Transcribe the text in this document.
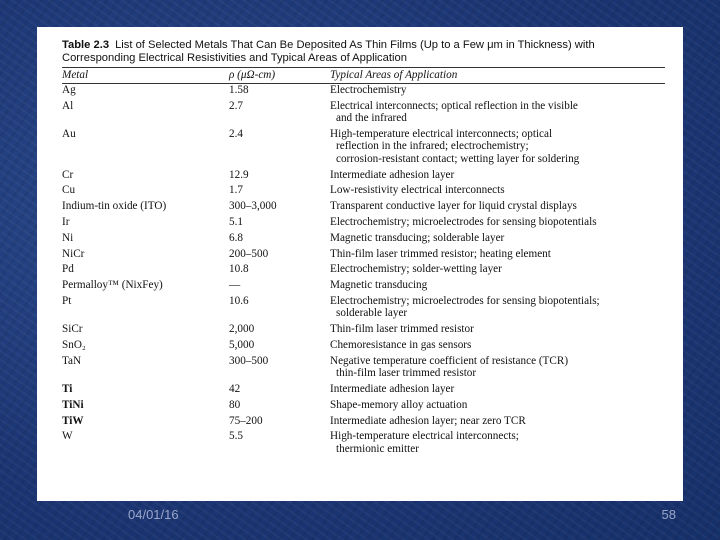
Table 2.3 List of Selected Metals That Can Be Deposited As Thin Films (Up to a Few μm in Thickness) with
Corresponding Electrical Resistivities and Typical Areas of Application
Metal	ρ (μΩ-cm)	Typical Areas of Application
Ag	1.58	Electrochemistry

Al	2.7	Electrical interconnects; optical reflection in the visible
and the infrared

Au	2.4	High-temperature electrical interconnects; optical
reflection in the infrared; electrochemistry;
corrosion-resistant contact; wetting layer for soldering

Cr	12.9	Intermediate adhesion layer

Cu	1.7	Low-resistivity electrical interconnects

Indium-tin oxide (ITO)	300–3,000	Transparent conductive layer for liquid crystal displays

Ir	5.1	Electrochemistry; microelectrodes for sensing biopotentials

Ni	6.8	Magnetic transducing; solderable layer

NiCr	200–500	Thin-film laser trimmed resistor; heating element

Pd	10.8	Electrochemistry; solder-wetting layer

Permalloy™ (NixFey)	—	Magnetic transducing

Pt	10.6	Electrochemistry; microelectrodes for sensing biopotentials;
solderable layer

SiCr	2,000	Thin-film laser trimmed resistor

SnO₂	5,000	Chemoresistance in gas sensors

TaN	300–500	Negative temperature coefficient of resistance (TCR)
thin-film laser trimmed resistor

Ti	42	Intermediate adhesion layer

TiNi	80	Shape-memory alloy actuation

TiW	75–200	Intermediate adhesion layer; near zero TCR

W	5.5	High-temperature electrical interconnects;
thermionic emitter
04/01/16	58
